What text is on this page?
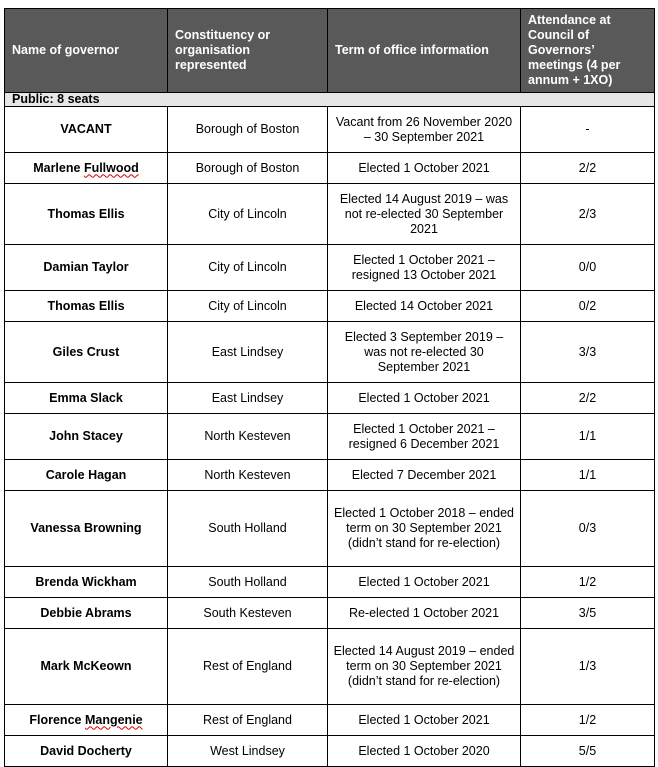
Name of governor	Constituency or organisation represented	Term of office information	Attendance at Council of Governors’ meetings (4 per annum + 1XO)
Public: 8 seats			
VACANT	Borough of Boston	Vacant from 26 November 2020 – 30 September 2021	-
Marlene Fullwood	Borough of Boston	Elected 1 October 2021	2/2
Thomas Ellis	City of Lincoln	Elected 14 August 2019 – was not re-elected 30 September 2021	2/3
Damian Taylor	City of Lincoln	Elected 1 October 2021 – resigned 13 October 2021	0/0
Thomas Ellis	City of Lincoln	Elected 14 October 2021	0/2
Giles Crust	East Lindsey	Elected 3 September 2019 – was not re-elected 30 September 2021	3/3
Emma Slack	East Lindsey	Elected 1 October 2021	2/2
John Stacey	North Kesteven	Elected 1 October 2021 – resigned 6 December 2021	1/1
Carole Hagan	North Kesteven	Elected 7 December 2021	1/1
Vanessa Browning	South Holland	Elected 1 October 2018 – ended term on 30 September 2021 (didn’t stand for re-election)	0/3
Brenda Wickham	South Holland	Elected 1 October 2021	1/2
Debbie Abrams	South Kesteven	Re-elected 1 October 2021	3/5
Mark McKeown	Rest of England	Elected 14 August 2019 – ended term on 30 September 2021 (didn’t stand for re-election)	1/3
Florence Mangenie	Rest of England	Elected 1 October 2021	1/2
David Docherty	West Lindsey	Elected 1 October 2020	5/5
